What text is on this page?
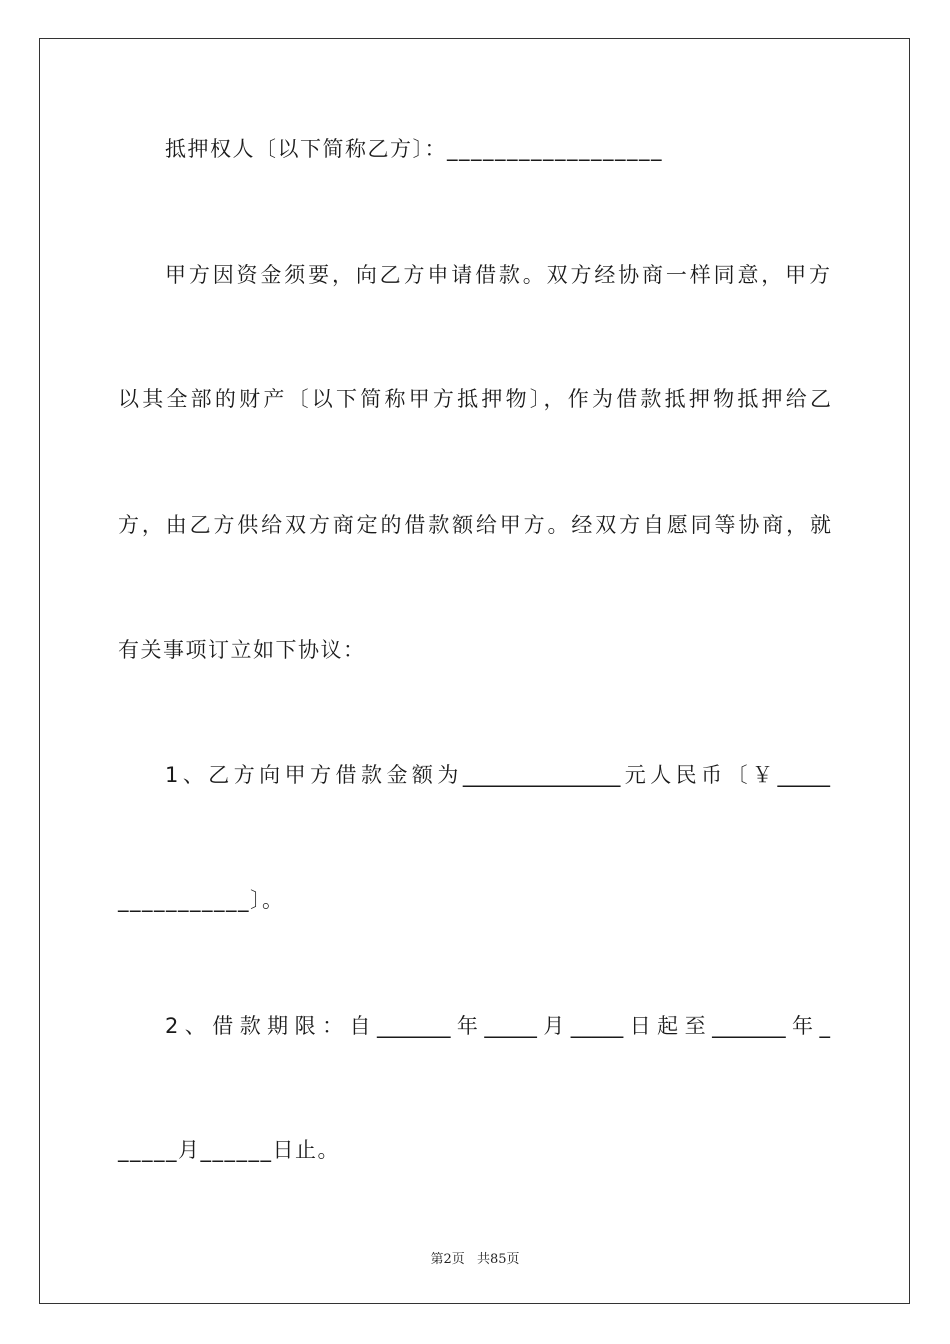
抵押权人〔以下简称乙方〕：__________________
甲方因资金须要，向乙方申请借款。双方经协商一样同意，甲方
以其全部的财产〔以下简称甲方抵押物〕，作为借款抵押物抵押给乙
方，由乙方供给双方商定的借款额给甲方。经双方自愿同等协商，就
有关事项订立如下协议：
1、乙方向甲方借款金额为_______________元人民币〔￥_____
___________〕。
2、借款期限：自_______年_____月_____日起至_______年_
_____月______日止。
第2页 共85页
